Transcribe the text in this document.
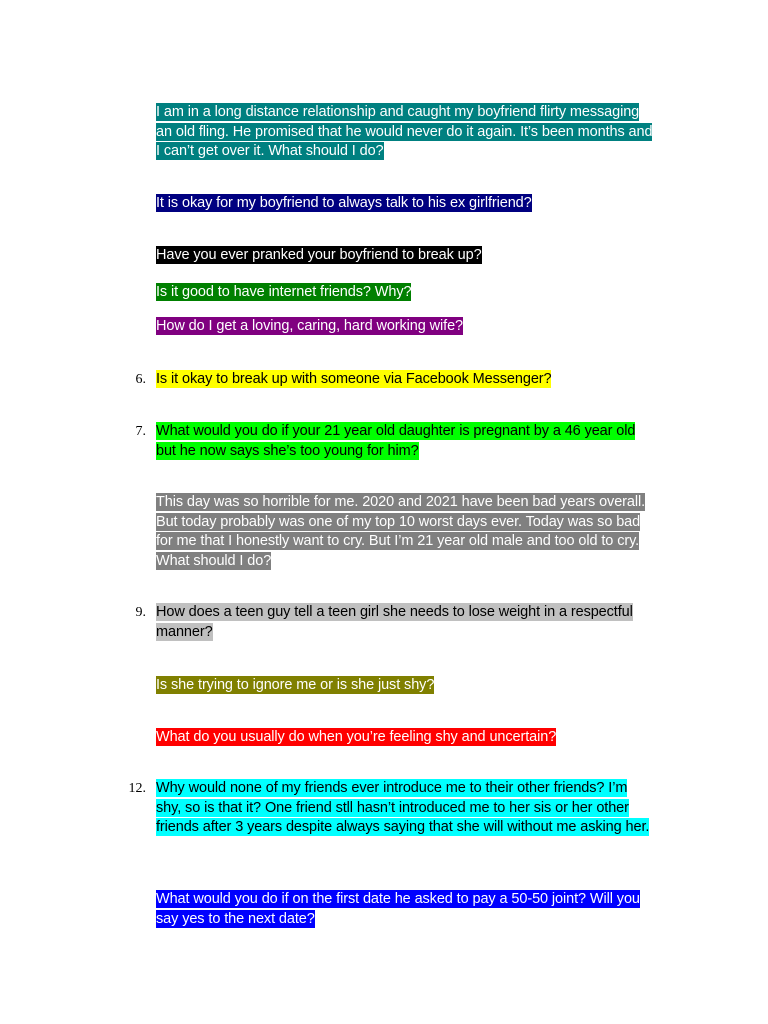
I am in a long distance relationship and caught my boyfriend flirty messaging an old fling. He promised that he would never do it again. It’s been months and I can’t get over it. What should I do?
It is okay for my boyfriend to always talk to his ex girlfriend?
Have you ever pranked your boyfriend to break up?
Is it good to have internet friends? Why?
How do I get a loving, caring, hard working wife?
6. Is it okay to break up with someone via Facebook Messenger?
7. What would you do if your 21 year old daughter is pregnant by a 46 year old but he now says she’s too young for him?
This day was so horrible for me. 2020 and 2021 have been bad years overall. But today probably was one of my top 10 worst days ever. Today was so bad for me that I honestly want to cry. But I’m 21 year old male and too old to cry. What should I do?
9. How does a teen guy tell a teen girl she needs to lose weight in a respectful manner?
Is she trying to ignore me or is she just shy?
What do you usually do when you’re feeling shy and uncertain?
12. Why would none of my friends ever introduce me to their other friends? I’m shy, so is that it? One friend stll hasn’t introduced me to her sis or her other friends after 3 years despite always saying that she will without me asking her.
What would you do if on the first date he asked to pay a 50-50 joint? Will you say yes to the next date?
